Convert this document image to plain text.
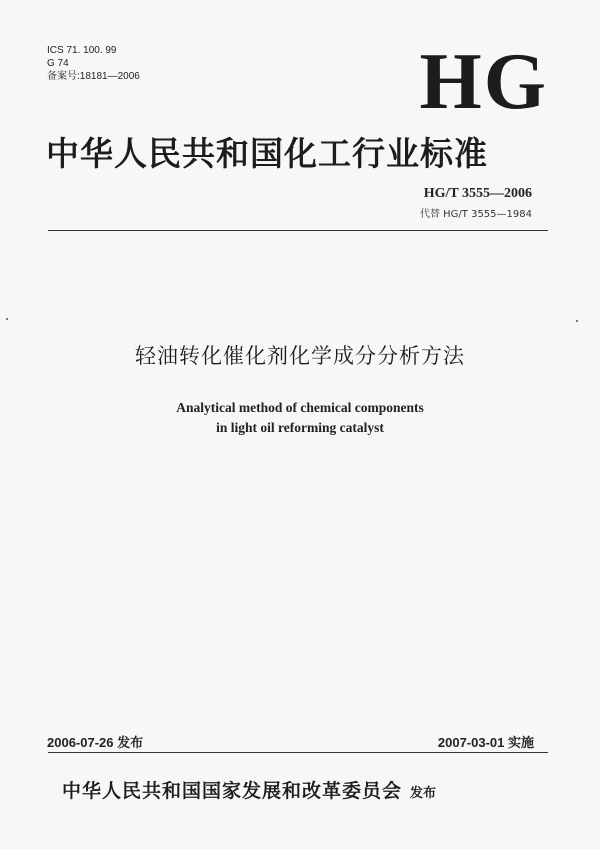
ICS 71. 100. 99
G 74
备案号:18181—2006	HG
中华人民共和国化工行业标准
HG/T 3555—2006
代替 HG/T 3555—1984
轻油转化催化剂化学成分分析方法
Analytical method of chemical components
in light oil reforming catalyst
2006-07-26 发布	2007-03-01 实施
中华人民共和国国家发展和改革委员会 发布
